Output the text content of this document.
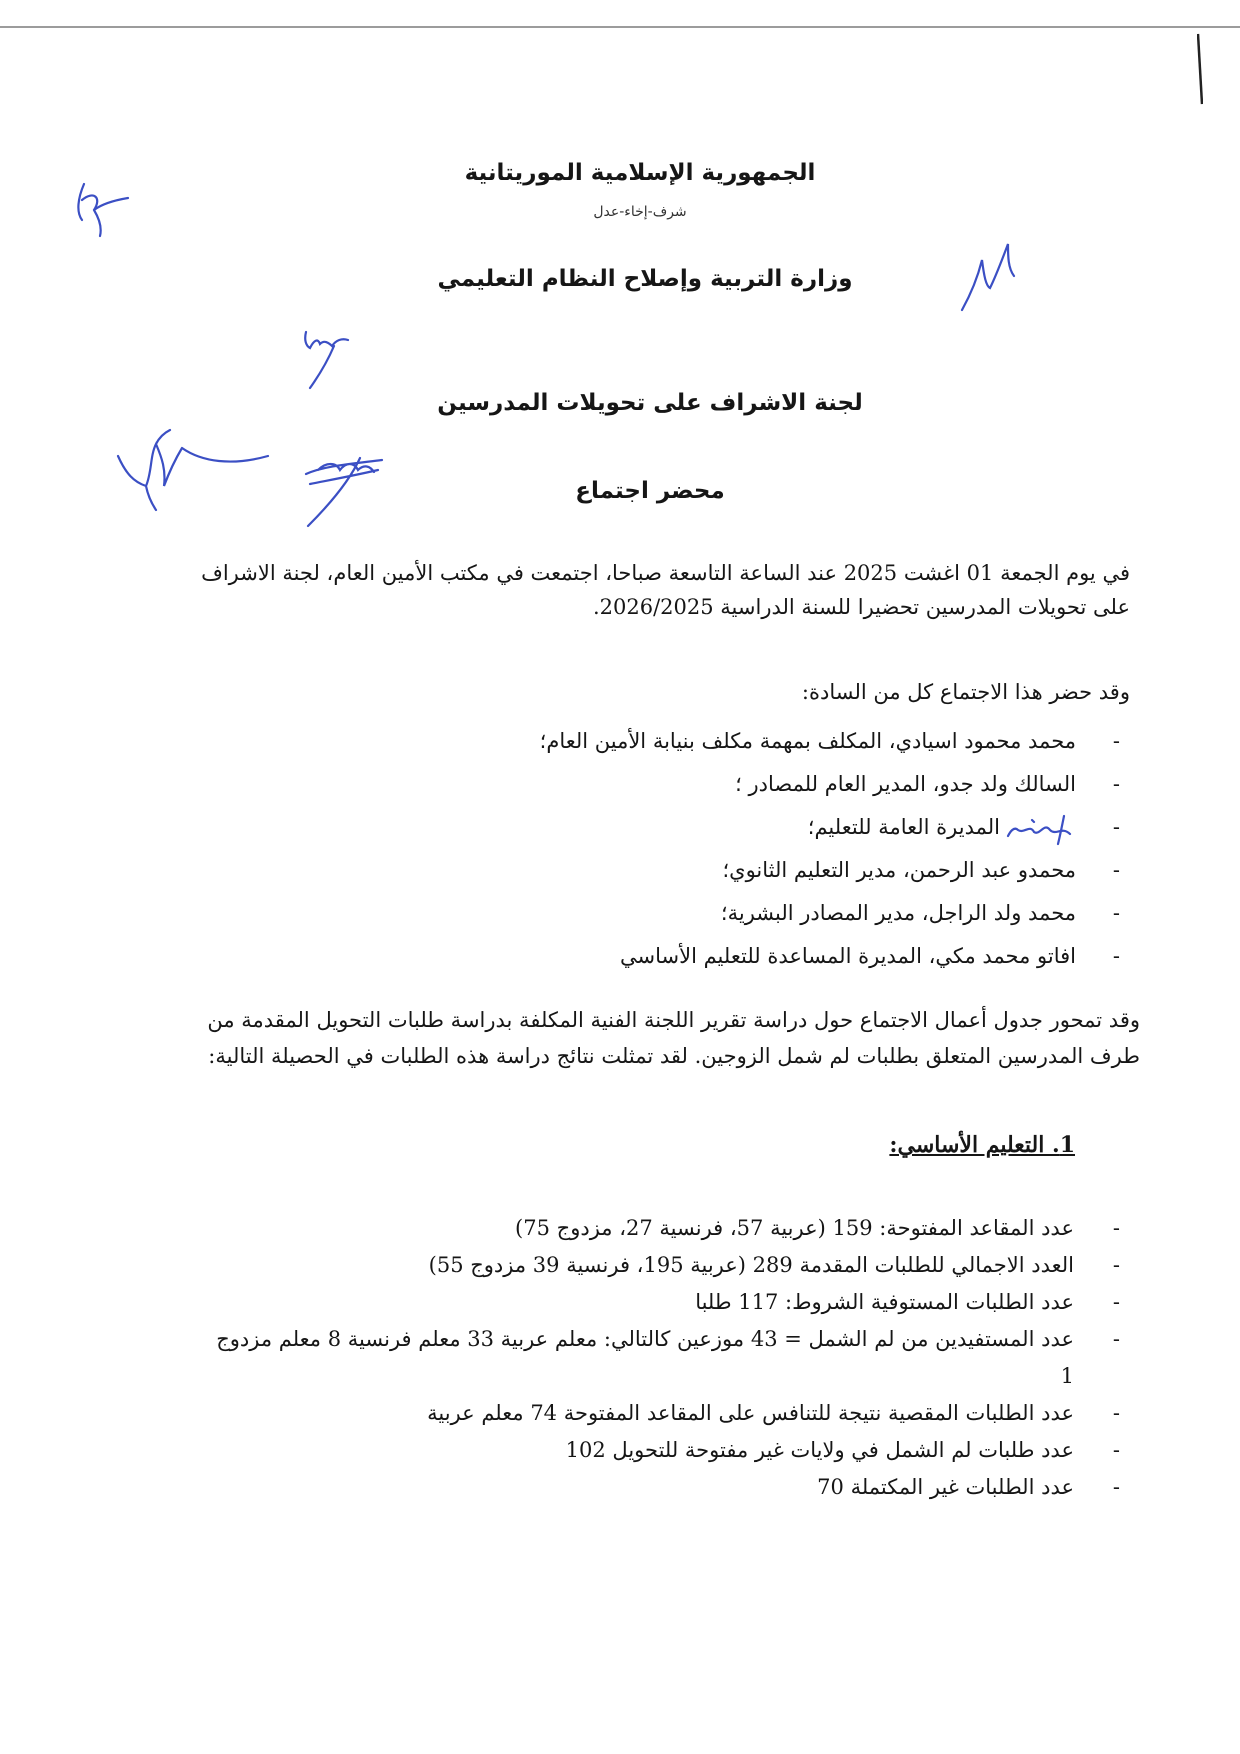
الجمهورية الإسلامية الموريتانية
شرف-إخاء-عدل
وزارة التربية وإصلاح النظام التعليمي
لجنة الاشراف على تحويلات المدرسين
محضر اجتماع
في يوم الجمعة 01 اغشت 2025 عند الساعة التاسعة صباحا، اجتمعت في مكتب الأمين العام، لجنة الاشراف على تحويلات المدرسين تحضيرا للسنة الدراسية 2026/2025.
وقد حضر هذا الاجتماع كل من السادة:
-
محمد محمود اسيادي، المكلف بمهمة مكلف بنيابة الأمين العام؛
-
السالك ولد جدو، المدير العام للمصادر ؛
-
المديرة العامة للتعليم؛
-
محمدو عبد الرحمن، مدير التعليم الثانوي؛
-
محمد ولد الراجل، مدير المصادر البشرية؛
-
افاتو محمد مكي، المديرة المساعدة للتعليم الأساسي
وقد تمحور جدول أعمال الاجتماع حول دراسة تقرير اللجنة الفنية المكلفة بدراسة طلبات التحويل المقدمة من طرف المدرسين المتعلق بطلبات لم شمل الزوجين. لقد تمثلت نتائج دراسة هذه الطلبات في الحصيلة التالية:
1. التعليم الأساسي:
-
عدد المقاعد المفتوحة: 159 (عربية 57، فرنسية 27، مزدوج 75)
-
العدد الاجمالي للطلبات المقدمة 289 (عربية 195، فرنسية 39 مزدوج 55)
-
عدد الطلبات المستوفية الشروط: 117 طلبا
-
عدد المستفيدين من لم الشمل = 43 موزعين كالتالي: معلم عربية 33 معلم فرنسية 8 معلم مزدوج 1
-
عدد الطلبات المقصية نتيجة للتنافس على المقاعد المفتوحة 74 معلم عربية
-
عدد طلبات لم الشمل في ولايات غير مفتوحة للتحويل 102
-
عدد الطلبات غير المكتملة 70
